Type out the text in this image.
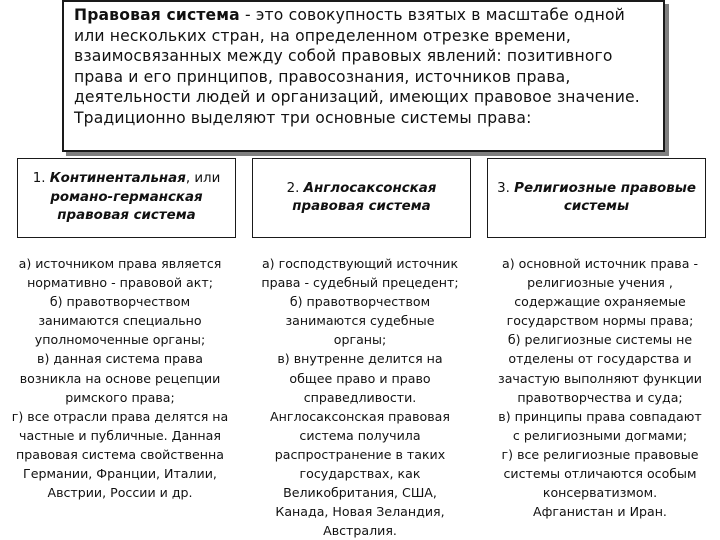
Правовая система - это совокупность взятых в масштабе одной или нескольких стран, на определенном отрезке времени, взаимосвязанных между собой правовых явлений: позитивного права и его принципов, правосознания, источников права, деятельности людей и организаций, имеющих правовое значение. Традиционно выделяют три основные системы права:
1. Континентальная, или
романо-германская правовая система
2. Англосаксонская правовая система
3. Религиозные правовые системы
а) источником права является
нормативно - правовой акт;
б) правотворчеством
занимаются специально
уполномоченные органы;
в) данная система права
возникла на основе рецепции
римского права;
г) все отрасли права делятся на
частные и публичные. Данная
правовая система свойственна
Германии, Франции, Италии,
Австрии, России и др.
а) господствующий источник
права - судебный прецедент;
б) правотворчеством
занимаются судебные
органы;
в) внутренне делится на
общее право и право
справедливости.
Англосаксонская правовая
система получила
распространение в таких
государствах, как
Великобритания, США,
Канада, Новая Зеландия,
Австралия.
а) основной источник права -
религиозные учения ,
содержащие охраняемые
государством нормы права;
б) религиозные системы не
отделены от государства и
зачастую выполняют функции
правотворчества и суда;
в) принципы права совпадают
с религиозными догмами;
г) все религиозные правовые
системы отличаются особым
консерватизмом.
Афганистан и Иран.
